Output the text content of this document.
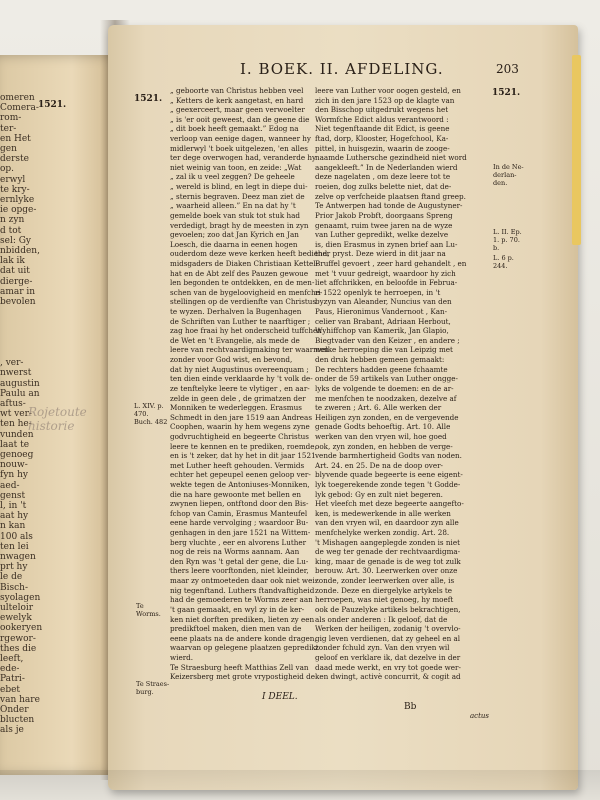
1521.
omeren
Comera-
rom-
ter-
en Het
gen
derste
op.
erwyl
te kry-
ernlyke
ie opge-
n zyn
d tot
sel: Gy
nbidden,
lak ik
dat uit
dierge-
amar in
bevolen
, ver-
nwerst
augustin
Paulu an
aftus-
wt ver-
ten he-
vunden
laat te
genoeg
nouw-
fyn hy
aed-
genst
l, in 't
aat hy
n kan
100 als
ten lei
nwagen
prt hy
le de
Bisch-
syolagen
ulteloir
ewelyk
ookeryen
rgewor-
thes die
leeft,
ede-
Patri-
ebet
van hare
Onder
blucten
als je
Rojetoute historie
I. BOEK. II. AFDELING.	203
1521.
1521.
„ geboorte van Christus hebben veel
„ Ketters de kerk aangetast, en hard
„ geexerceert, maar geen verwoelter
„ is 'er ooit geweest, dan de geene die
„ dit boek heeft gemaakt.” Edog na
verloop van eenige dagen, wanneer hy
midlerwyl 't boek uitgelezen, 'en alles
ter dege overwogen had, veranderde hy
niet weinig van toon, en zeide: „Wat
„ zal ik u veel zeggen? De geheele
„ wereld is blind, en legt in diepe dui-
„ sternis begraven. Deez man ziet de
„ waarheid alleen.” En na dat hy 't
gemelde boek van stuk tot stuk had
verdedigt, bragt hy de meesten in zyn
gevoelen; zoo dat Jan Kyrich en Jan
Loesch, die daarna in eenen hogen
ouderdom deze weve kerken heeft bediend,
midsgaders de Diaken Christiaan Kettel-
hat en de Abt zelf des Pauzen gewoue
len begonden te ontdekken, en de men-
schen van de bygeloovigheid en menfche-
stellingen op de verdienfte van Christus
te wyzen. Derhalven la Bugenhagen
de Schriften van Luther te naarftiger ;
zag hoe fraai hy het onderscheid tuffchen
de Wet en 't Evangelie, als mede de
leere van rechtvaardigmaking ter waarmen
zonder voor God wist, en bevond,
dat hy niet Augustinus overeenquam ;
ten dien einde verklaarde hy 't volk de-
ze tenftelyke leere te vlytiger , en aar-
zelde in geen dele , de grimatzen der
Monniken te wederleggen. Erasmus
Schmedt in den jare 1519 aan Andreas
Coophen, waarin hy hem wegens zyne
godvruchtigheid en begeerte Christus
leere te kennen en te prediken, roemde,
en is 't zeker, dat hy het in dit jaar 1521
met Luther heeft gehouden. Vermids
echter het gepeupel eenen geloop ver-
wekte tegen de Antoniuses-Monniken,
die na hare gewoonte met bellen en
zwynen liepen, ontftond door den Bis-
fchop van Camin, Erasmus Manteufel
eene harde vervolging ; waardoor Bu-
genhagen in den jare 1521 na Wittem-
berg vluchte , eer en alvorens Luther
nog de reis na Worms aannam. Aan
den Ryn was 't getal der gene, die Lu-
thers leere voorftonden, niet kleinder,
maar zy ontmoeteden daar ook niet wei-
nig tegenftand. Luthers ftandvaftigheid
had de gemoederen te Worms zeer aan
't gaan gemaakt, en wyl zy in de ker-
ken niet dorften prediken, lieten zy een
predikftoel maken, dien men van de
eene plaats na de andere konde dragen,
waarvan op gelegene plaatzen gepredikt
wierd.
Te Straesburg heeft Matthias Zell van
Keizersberg met grote vrypostigheid de
leere van Luther voor oogen gesteld, en
zich in den jare 1523 op de klagte van
den Bisschop uitgedrukt wegens het
Wormfche Edict aldus verantwoord :
Niet tegenftaande dit Edict, is geene
ftad, dorp, Klooster, Hogefchool, Ka-
pittel, in huisgezin, waarin de zooge-
naamde Luthersche gezindheid niet word
aangekleeft.” In de Nederlanden wierd
deze nagelaten , om deze leere tot te
roeien, dog zulks belette niet, dat de-
zelve op verfcheide plaatsen ftand greep.
Te Antwerpen had tonde de Augustyner-
Prior Jakob Probft, doorgaans Spreng
genaamt, ruim twee jaren na de wyze
van Luther gepredikt, welke dezelve
is, dien Erasmus in zynen brief aan Lu-
ther pryst. Deze wierd in dit jaar na
Bruffel gevoert , zeer hard gehandelt , en
met 't vuur gedreigt, waardoor hy zich
liet affchrikken, en beloofde in Februa-
ri 1522 openlyk te herroepen, in 't
byzyn van Aleander, Nuncius van den
Paus, Hieronimus Vandernoot , Kan-
celier van Brabant, Adriaan Herbout,
Wyhiffchop van Kamerik, Jan Glapio,
Biegtvader van den Keizer , en andere ;
welke herroeping die van Leipzig met
den druk hebben gemeen gemaakt:
De rechters hadden geene fchaamte
onder de 59 artikels van Luther ongge-
lyks de volgende te doemen: en de ar-
me menfchen te noodzaken, dezelve af
te zweren ; Art. 6. Alle werken der
Heiligen zyn zonden, en de vergevende
genade Godts behoeftig. Art. 10. Alle
werken van den vryen wil, hoe goed
ook, zyn zonden, en hebben de verge-
vende barmhertigheid Godts van noden.
Art. 24. en 25. De na de doop over-
blyvende quade begeerte is eene eigent-
lyk toegerekende zonde tegen 't Godde-
lyk gebod: Gy en zult niet begeren.
Het vleefch met deze begeerte aangefto-
ken, is medewerkende in alle werken
van den vryen wil, en daardoor zyn alle
menfchelyke werken zondig. Art. 28.
't Mishagen aangeplegde zonden is niet
de weg ter genade der rechtvaardigma-
king, maar de genade is de weg tot zulk
berouw. Art. 30. Leerwerken over onze
zonde, zonder leerwerken over alle, is
zonde. Deze en diergelyke artykels te
herroepen, was niet genoeg, hy moeft
ook de Pauzelyke artikels bekrachtigen,
als onder anderen : Ik geloof, dat de
Werken der heiligen, zodanig 't overvlo-
gig leven verdienen, dat zy geheel en al
zonder fchuld zyn. Van den vryen wil
geloof en verklare ik, dat dezelve in der
daad mede werkt, en vry tot goede wer-
ken dwingt, activè concurrit, & cogit ad
L. XIV. p. 470. Buch. 482
Te Worms.
Te Straes- burg.
In de Ne- derlan- den.
L. II. Ep. 1. p. 70. b.
L. 6 p. 244.
I DEEL.
Bb
actus
